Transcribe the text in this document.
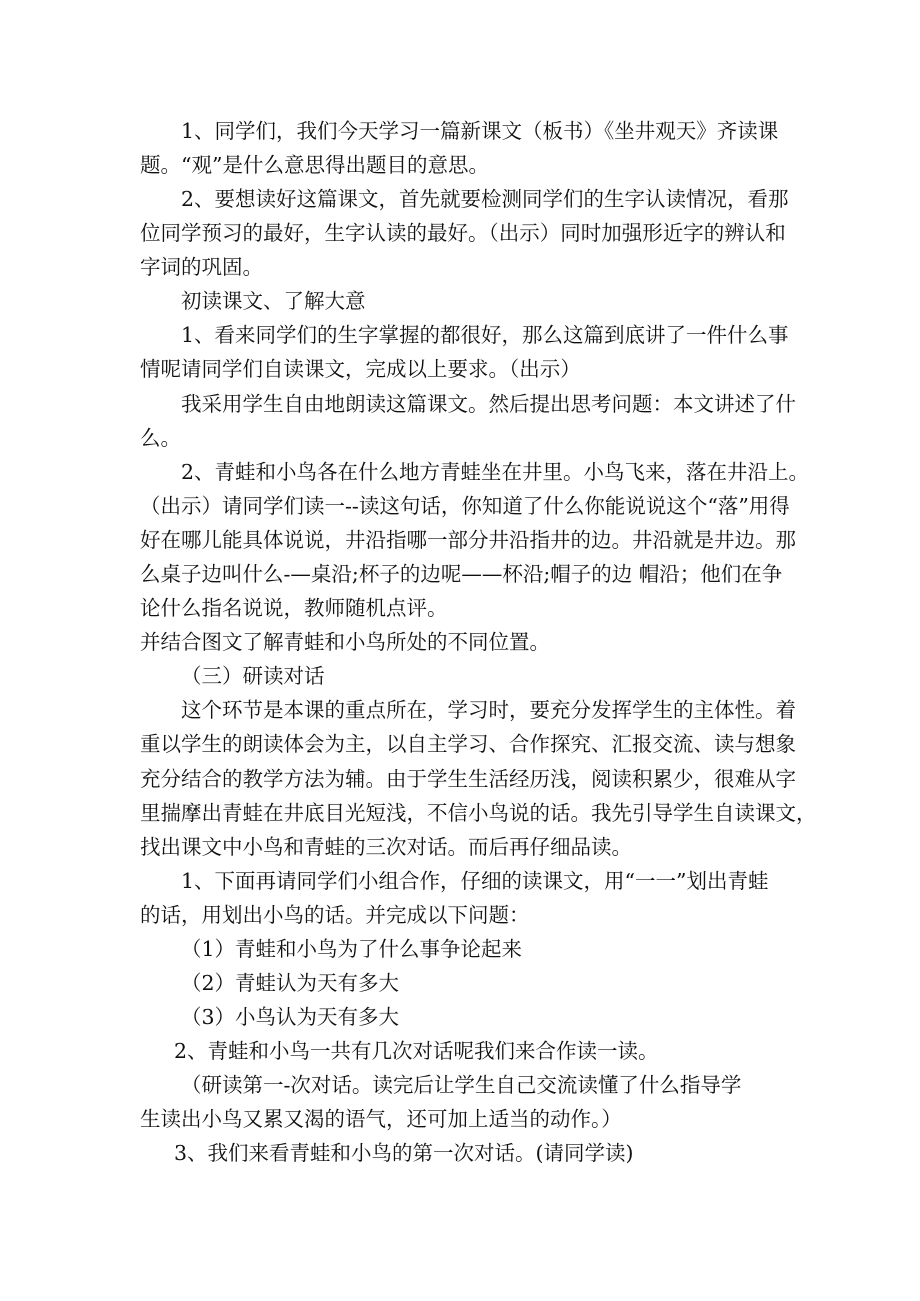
1、同学们，我们今天学习一篇新课文（板书）《坐井观天》齐读课
题。“观”是什么意思得出题目的意思。
2、要想读好这篇课文，首先就要检测同学们的生字认读情况，看那
位同学预习的最好，生字认读的最好。（出示）同时加强形近字的辨认和
字词的巩固。
初读课文、了解大意
1、看来同学们的生字掌握的都很好，那么这篇到底讲了一件什么事
情呢请同学们自读课文，完成以上要求。（出示）
我采用学生自由地朗读这篇课文。然后提出思考问题：本文讲述了什
么。
2、青蛙和小鸟各在什么地方青蛙坐在井里。小鸟飞来，落在井沿上。
（出示）请同学们读一--读这句话，你知道了什么你能说说这个“落”用得
好在哪儿能具体说说，井沿指哪一部分井沿指井的边。井沿就是井边。那
么桌子边叫什么-—桌沿;杯子的边呢——杯沿;帽子的边 帽沿；他们在争
论什么指名说说，教师随机点评。
并结合图文了解青蛙和小鸟所处的不同位置。
（三）研读对话
这个环节是本课的重点所在，学习时，要充分发挥学生的主体性。着
重以学生的朗读体会为主，以自主学习、合作探究、汇报交流、读与想象
充分结合的教学方法为辅。由于学生生活经历浅，阅读积累少，很难从字
里揣摩出青蛙在井底目光短浅，不信小鸟说的话。我先引导学生自读课文，
找出课文中小鸟和青蛙的三次对话。而后再仔细品读。
1、下面再请同学们小组合作，仔细的读课文，用“一一”划出青蛙
的话，用划出小鸟的话。并完成以下问题：
（1）青蛙和小鸟为了什么事争论起来
（2）青蛙认为天有多大
（3）小鸟认为天有多大
2、青蛙和小鸟一共有几次对话呢我们来合作读一读。
（研读第一-次对话。读完后让学生自己交流读懂了什么指导学
生读出小鸟又累又渴的语气，还可加上适当的动作。）
3、我们来看青蛙和小鸟的第一次对话。(请同学读)
